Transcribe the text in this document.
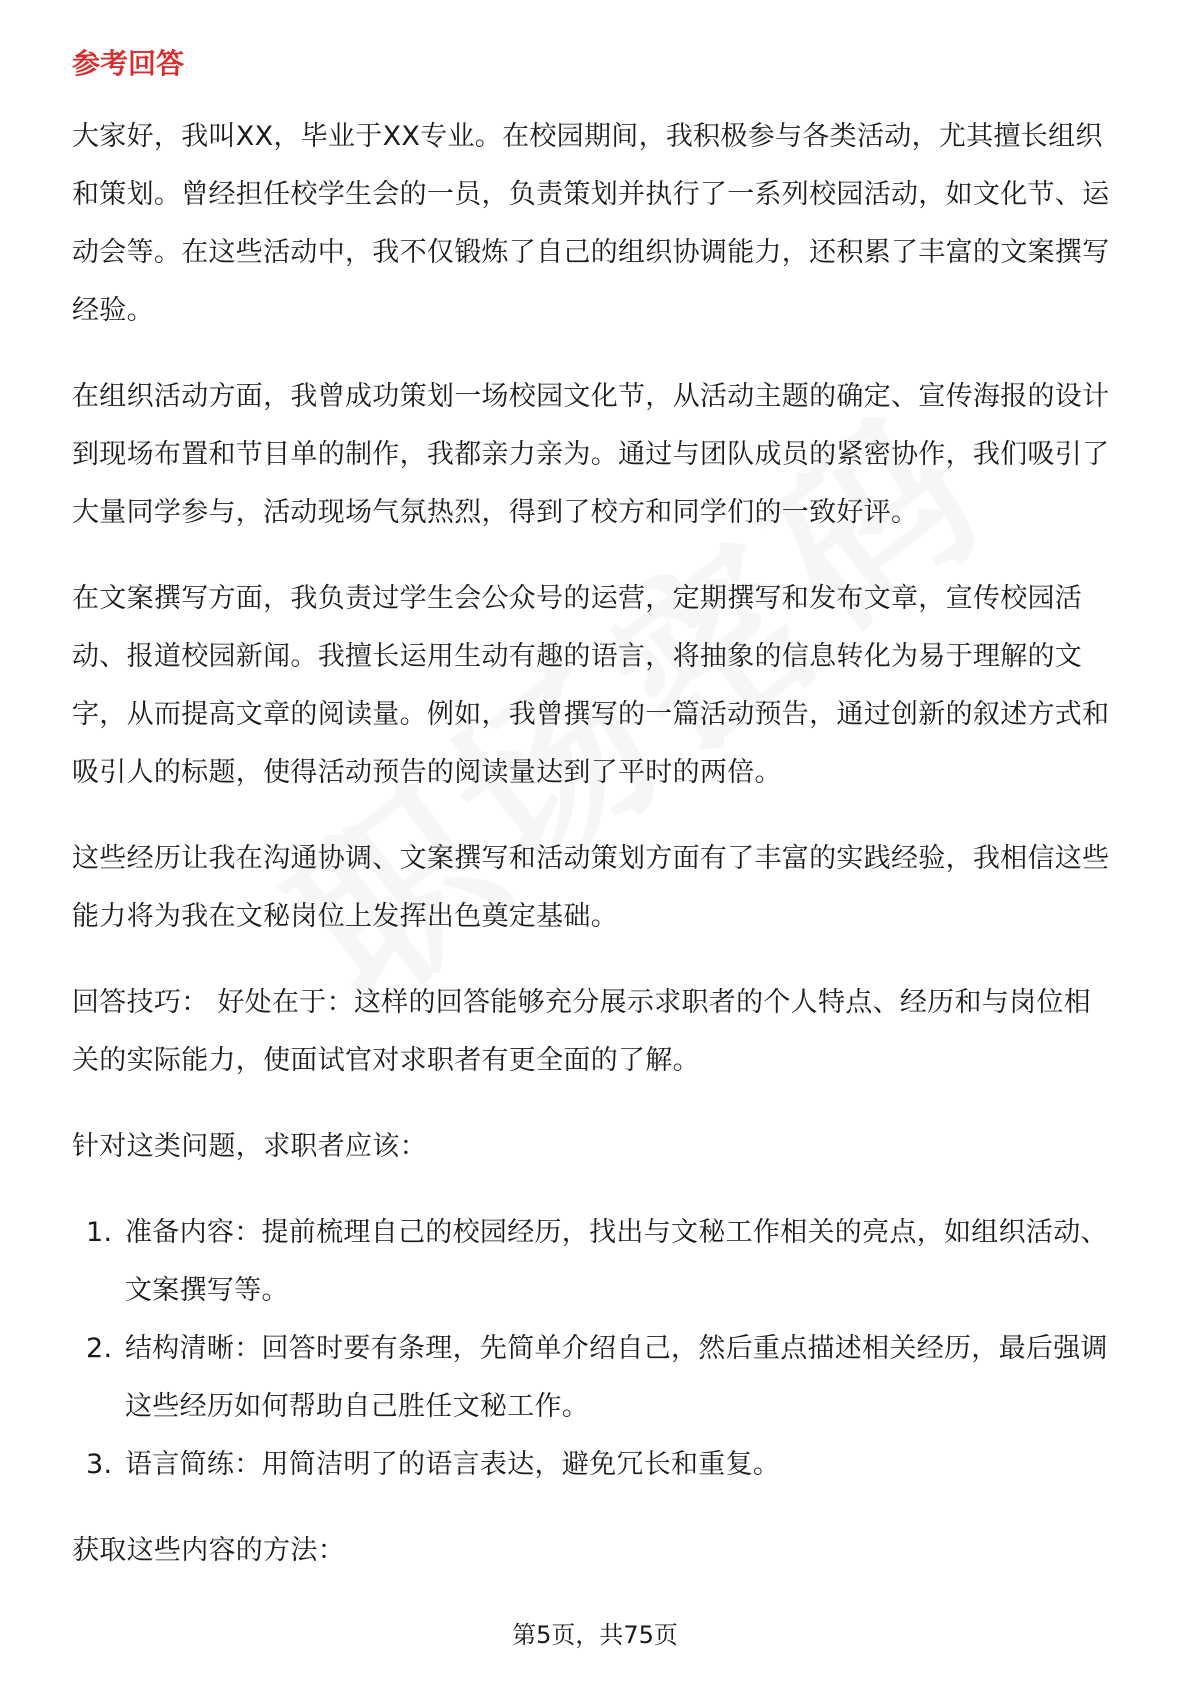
参考回答

大家好，我叫XX，毕业于XX专业。在校园期间，我积极参与各类活动，尤其擅长组织和策划。曾经担任校学生会的一员，负责策划并执行了一系列校园活动，如文化节、运动会等。在这些活动中，我不仅锻炼了自己的组织协调能力，还积累了丰富的文案撰写经验。

在组织活动方面，我曾成功策划一场校园文化节，从活动主题的确定、宣传海报的设计到现场布置和节目单的制作，我都亲力亲为。通过与团队成员的紧密协作，我们吸引了大量同学参与，活动现场气氛热烈，得到了校方和同学们的一致好评。

在文案撰写方面，我负责过学生会公众号的运营，定期撰写和发布文章，宣传校园活动、报道校园新闻。我擅长运用生动有趣的语言，将抽象的信息转化为易于理解的文字，从而提高文章的阅读量。例如，我曾撰写的一篇活动预告，通过创新的叙述方式和吸引人的标题，使得活动预告的阅读量达到了平时的两倍。

这些经历让我在沟通协调、文案撰写和活动策划方面有了丰富的实践经验，我相信这些能力将为我在文秘岗位上发挥出色奠定基础。

回答技巧： 好处在于：这样的回答能够充分展示求职者的个人特点、经历和与岗位相关的实际能力，使面试官对求职者有更全面的了解。

针对这类问题，求职者应该：

1. 准备内容：提前梳理自己的校园经历，找出与文秘工作相关的亮点，如组织活动、文案撰写等。
2. 结构清晰：回答时要有条理，先简单介绍自己，然后重点描述相关经历，最后强调这些经历如何帮助自己胜任文秘工作。
3. 语言简练：用简洁明了的语言表达，避免冗长和重复。

获取这些内容的方法：

第5页，共75页
